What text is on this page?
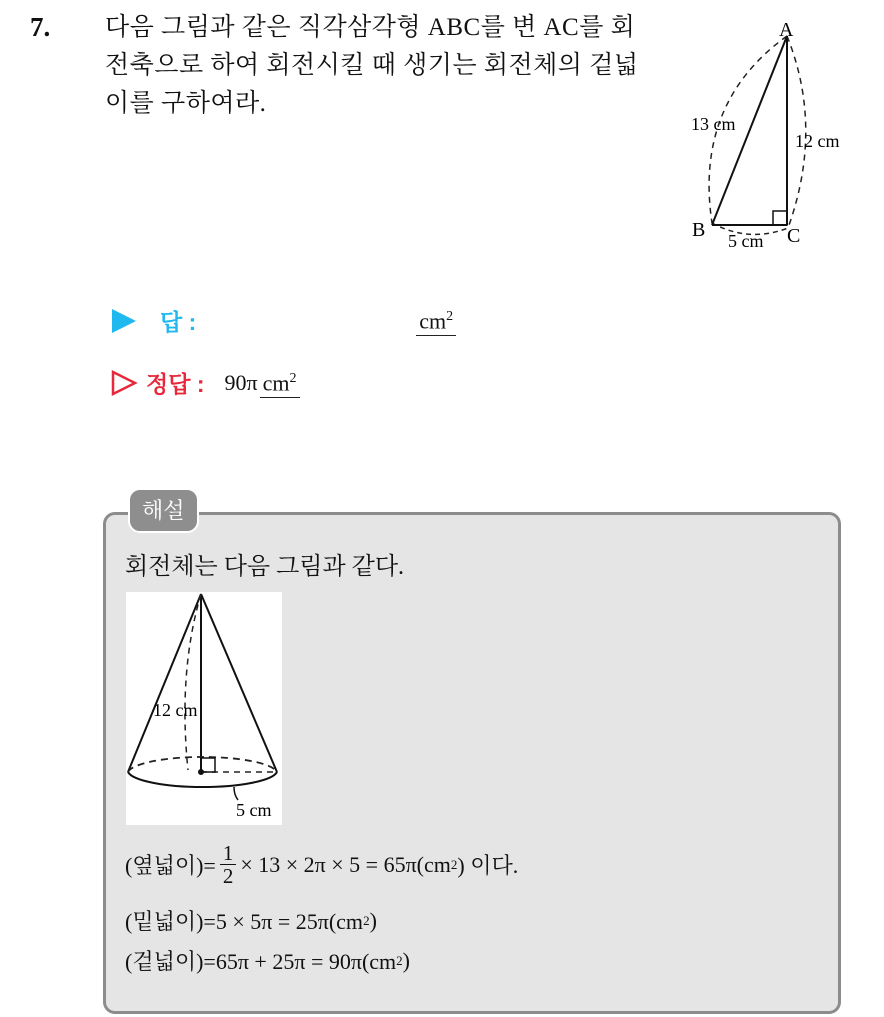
7. 다음 그림과 같은 직각삼각형 ABC를 변 AC를 회
전축으로 하여 회전시킬 때 생기는 회전체의 겉넓
이를 구하여라.
A
B	C
13 cm
12 cm
5 cm
답 :	$cm^2$
정답 : 90π $cm^2$
해설
회전체는 다음 그림과 같다.
12 cm
5 cm
(옆넓이)= $\frac{1}{2} \times 13 \times 2\pi \times 5 = 65\pi(cm$ 2 ) 이다.
(밑넓이)=5 × 5π = 25π(cm 2 )
(겉넓이)=65π + 25π = 90π(cm 2 )
